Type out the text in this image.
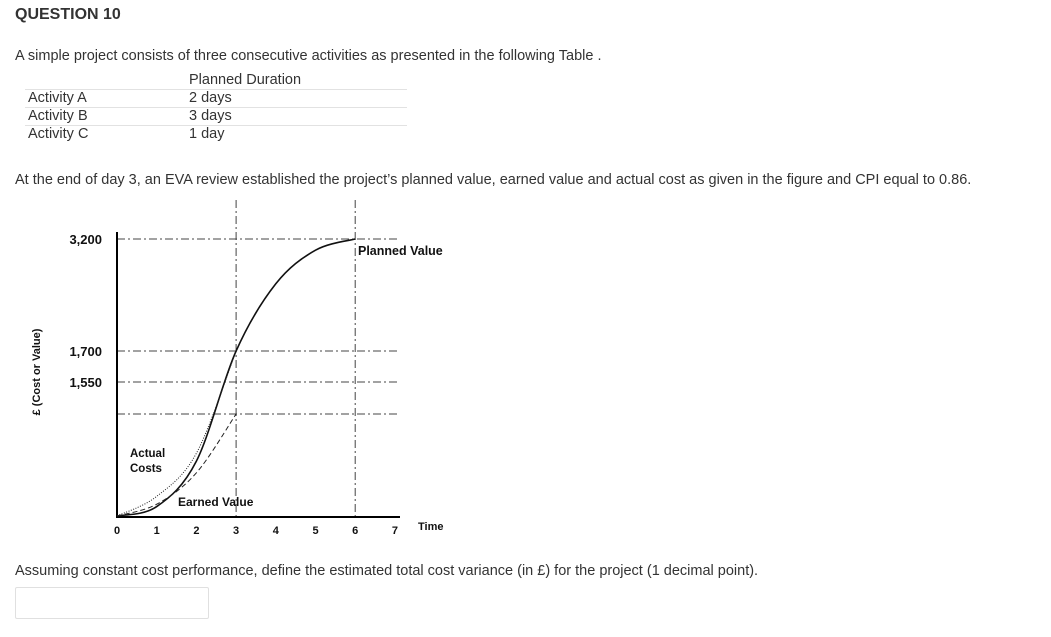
QUESTION 10
A simple project consists of three consecutive activities as presented in the following Table .
	Planned Duration
Activity A	2 days
Activity B	3 days
Activity C	1 day
At the end of day 3, an EVA review established the project’s planned value, earned value and actual cost as given in the figure and CPI equal to 0.86.
3,200
1,700
1,550
0	1	2	3	4	5	6	7 Time
£ (Cost or Value)
Planned Value
Actual Costs
Earned Value
Assuming constant cost performance, define the estimated total cost variance (in £) for the project (1 decimal point).
